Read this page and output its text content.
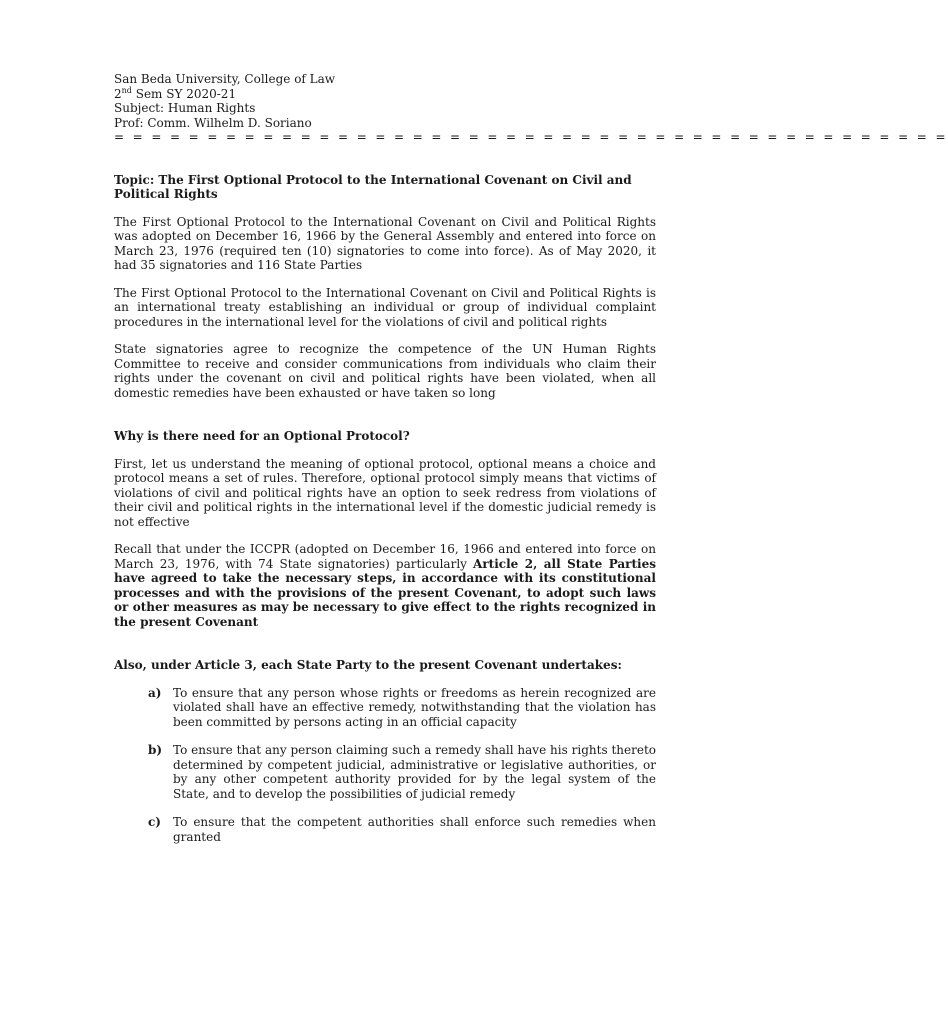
San Beda University, College of Law
2nd Sem SY 2020-21
Subject: Human Rights
Prof: Comm. Wilhelm D. Soriano
= = = = = = = = = = = = = = = = = = = = = = = = = = = = = = = = = = = = = = = = = = = = =
Topic: The First Optional Protocol to the International Covenant on Civil and Political Rights
The First Optional Protocol to the International Covenant on Civil and Political Rights was adopted on December 16, 1966 by the General Assembly and entered into force on March 23, 1976 (required ten (10) signatories to come into force). As of May 2020, it had 35 signatories and 116 State Parties
The First Optional Protocol to the International Covenant on Civil and Political Rights is an international treaty establishing an individual or group of individual complaint procedures in the international level for the violations of civil and political rights
State signatories agree to recognize the competence of the UN Human Rights Committee to receive and consider communications from individuals who claim their rights under the covenant on civil and political rights have been violated, when all domestic remedies have been exhausted or have taken so long
Why is there need for an Optional Protocol?
First, let us understand the meaning of optional protocol, optional means a choice and protocol means a set of rules. Therefore, optional protocol simply means that victims of violations of civil and political rights have an option to seek redress from violations of their civil and political rights in the international level if the domestic judicial remedy is not effective
Recall that under the ICCPR (adopted on December 16, 1966 and entered into force on March 23, 1976, with 74 State signatories) particularly Article 2, all State Parties have agreed to take the necessary steps, in accordance with its constitutional processes and with the provisions of the present Covenant, to adopt such laws or other measures as may be necessary to give effect to the rights recognized in the present Covenant
Also, under Article 3, each State Party to the present Covenant undertakes:
a) To ensure that any person whose rights or freedoms as herein recognized are violated shall have an effective remedy, notwithstanding that the violation has been committed by persons acting in an official capacity
b) To ensure that any person claiming such a remedy shall have his rights thereto determined by competent judicial, administrative or legislative authorities, or by any other competent authority provided for by the legal system of the State, and to develop the possibilities of judicial remedy
c)	To ensure that the competent authorities shall enforce such remedies when granted
